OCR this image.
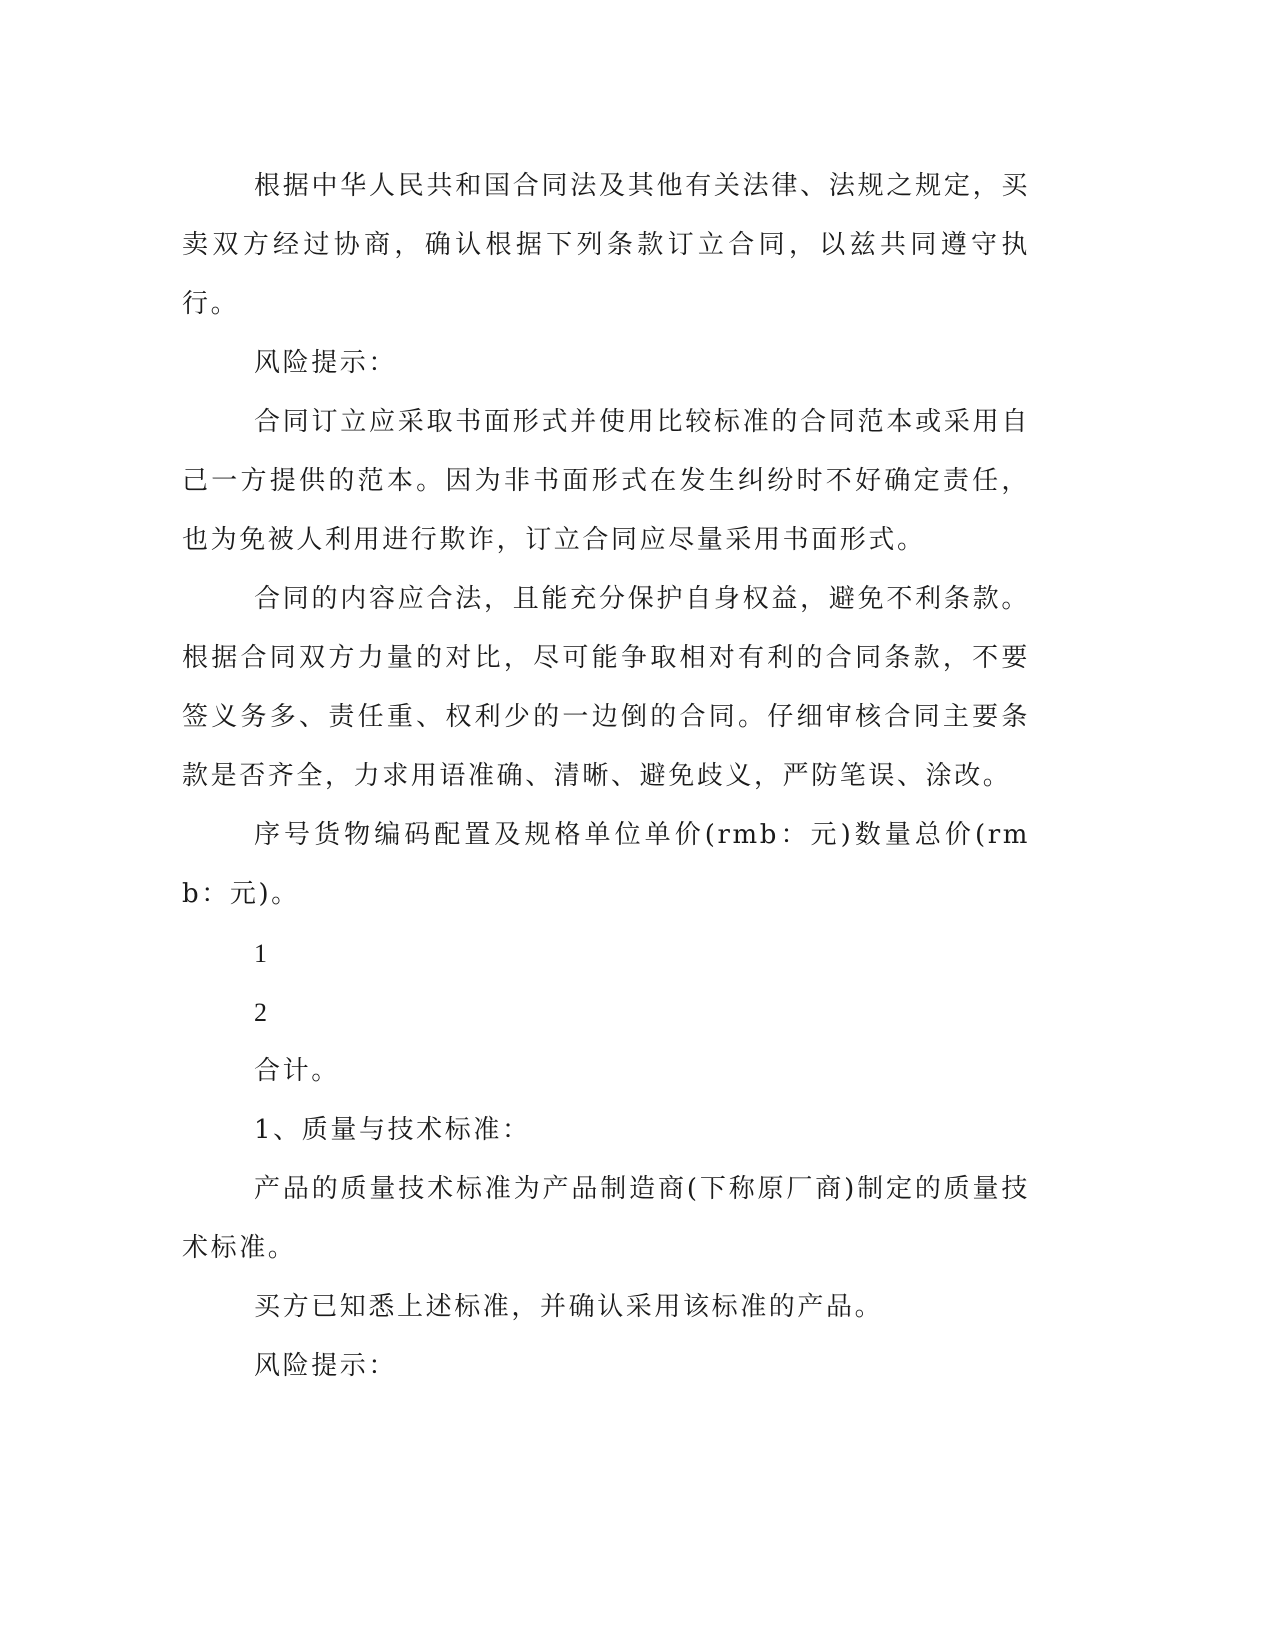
根据中华人民共和国合同法及其他有关法律、法规之规定，买卖双方经过协商，确认根据下列条款订立合同，以兹共同遵守执行。

风险提示：

合同订立应采取书面形式并使用比较标准的合同范本或采用自己一方提供的范本。因为非书面形式在发生纠纷时不好确定责任，也为免被人利用进行欺诈，订立合同应尽量采用书面形式。

合同的内容应合法，且能充分保护自身权益，避免不利条款。根据合同双方力量的对比，尽可能争取相对有利的合同条款，不要签义务多、责任重、权利少的一边倒的合同。仔细审核合同主要条款是否齐全，力求用语准确、清晰、避免歧义，严防笔误、涂改。

序号货物编码配置及规格单位单价(rmb：元)数量总价(rmb：元)。

1

2

合计。

1、质量与技术标准：

产品的质量技术标准为产品制造商(下称原厂商)制定的质量技术标准。

买方已知悉上述标准，并确认采用该标准的产品。

风险提示：
